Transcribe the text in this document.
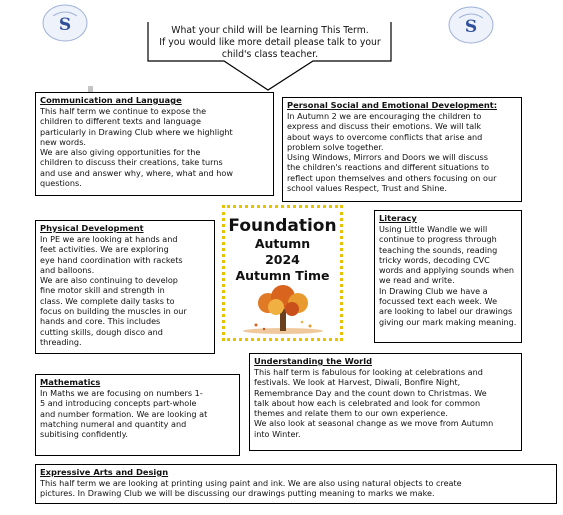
S	S
What your child will be learning This Term.
If you would like more detail please talk to your
child's class teacher.
Communication and Language

This half term we continue to expose the
children to different texts and language
particularly in Drawing Club where we highlight
new words.
We are also giving opportunities for the
children to discuss their creations, take turns
and use and answer why, where, what and how
questions.

Personal Social and Emotional Development:

In Autumn 2 we are encouraging the children to
express and discuss their emotions. We will talk
about ways to overcome conflicts that arise and
problem solve together.
Using Windows, Mirrors and Doors we will discuss
the children's reactions and different situations to
reflect upon themselves and others focusing on our
school values Respect, Trust and Shine.

Physical Development

In PE we are looking at hands and
feet activities. We are exploring
eye hand coordination with rackets
and balloons.
We are also continuing to develop
fine motor skill and strength in
class. We complete daily tasks to
focus on building the muscles in our
hands and core. This includes
cutting skills, dough disco and
threading.

Foundation
Autumn
2024
Autumn Time
Literacy

Using Little Wandle we will
continue to progress through
teaching the sounds, reading
tricky words, decoding CVC
words and applying sounds when
we read and write.
In Drawing Club we have a
focussed text each week. We
are looking to label our drawings
giving our mark making meaning.

Mathematics

In Maths we are focusing on numbers 1-
5 and introducing concepts part-whole
and number formation. We are looking at
matching numeral and quantity and
subitising confidently.

Understanding the World

This half term is fabulous for looking at celebrations and
festivals. We look at Harvest, Diwali, Bonfire Night,
Remembrance Day and the count down to Christmas. We
talk about how each is celebrated and look for common
themes and relate them to our own experience.
We also look at seasonal change as we move from Autumn
into Winter.

Expressive Arts and Design

This half term we are looking at printing using paint and ink. We are also using natural objects to create
pictures. In Drawing Club we will be discussing our drawings putting meaning to marks we make.
